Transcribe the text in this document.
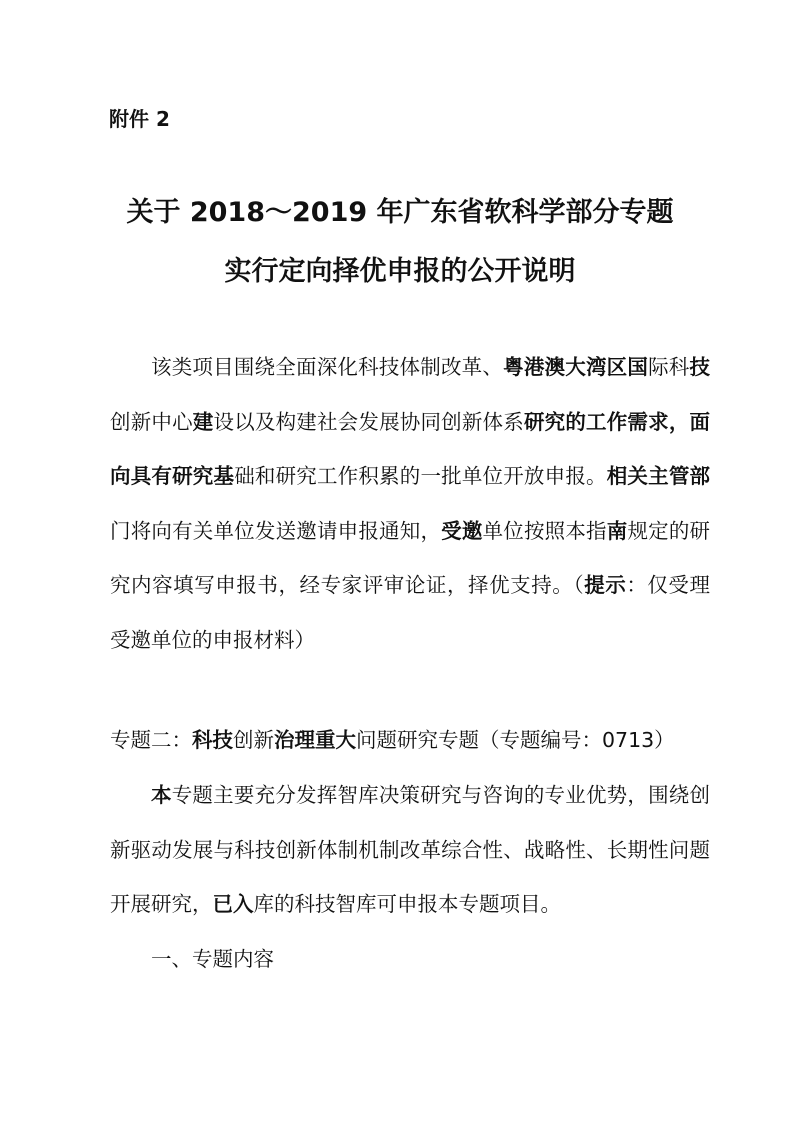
附件 2

关于 2018～2019 年广东省软科学部分专题
实行定向择优申报的公开说明

该类项目围绕全面深化科技体制改革、粤港澳大湾区国际科技创新中心建设以及构建社会发展协同创新体系研究的工作需求，面向具有研究基础和研究工作积累的一批单位开放申报。相关主管部门将向有关单位发送邀请申报通知，受邀单位按照本指南规定的研究内容填写申报书，经专家评审论证，择优支持。（提示：仅受理受邀单位的申报材料）

专题二：科技创新治理重大问题研究专题（专题编号：0713）

本专题主要充分发挥智库决策研究与咨询的专业优势，围绕创新驱动发展与科技创新体制机制改革综合性、战略性、长期性问题开展研究，已入库的科技智库可申报本专题项目。

一、专题内容
